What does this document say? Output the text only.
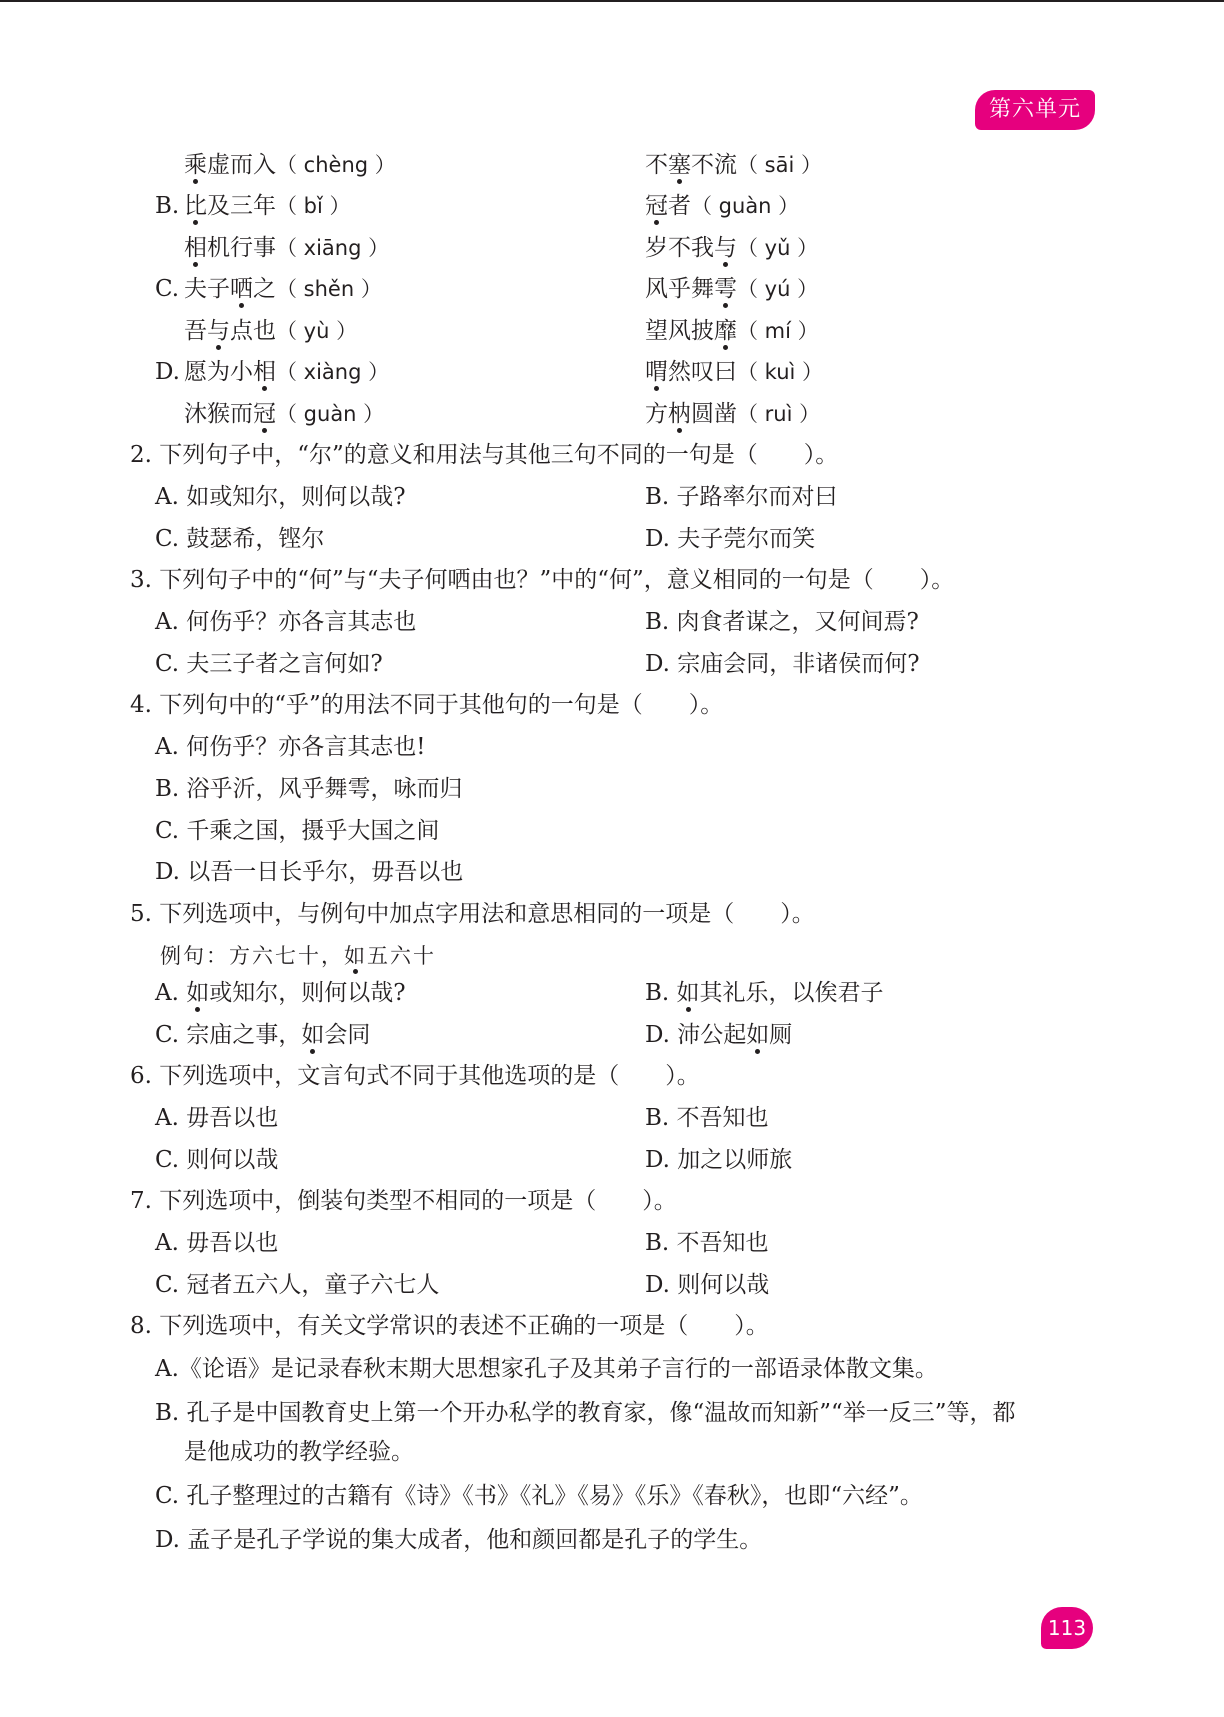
第六单元
乘虚而入（ chèng ）	不塞不流（ sāi ）
B. 比及三年（ bǐ ）	冠者（ guàn ）
相机行事（ xiāng ）	岁不我与（ yǔ ）
C. 夫子哂之（ shěn ）	风乎舞雩（ yú ）
吾与点也（ yù ）	望风披靡（ mí ）
D. 愿为小相（ xiàng ）	喟然叹曰（ kuì ）
沐猴而冠（ guàn ）	方枘圆凿（ ruì ）
2. 下列句子中，“尔”的意义和用法与其他三句不同的一句是（　　）。
A. 如或知尔，则何以哉?	B. 子路率尔而对曰
C. 鼓瑟希，铿尔	D. 夫子莞尔而笑
3. 下列句子中的“何”与“夫子何哂由也？”中的“何”，意义相同的一句是（　　）。
A. 何伤乎？亦各言其志也	B. 肉食者谋之，又何间焉?
C. 夫三子者之言何如?	D. 宗庙会同，非诸侯而何?
4. 下列句中的“乎”的用法不同于其他句的一句是（　　）。
A. 何伤乎？亦各言其志也!
B. 浴乎沂，风乎舞雩，咏而归
C. 千乘之国，摄乎大国之间
D. 以吾一日长乎尔，毋吾以也
5. 下列选项中，与例句中加点字用法和意思相同的一项是（　　）。
例句：方六七十，如五六十
A. 如或知尔，则何以哉?	B. 如其礼乐，以俟君子
C. 宗庙之事，如会同	D. 沛公起如厕
6. 下列选项中，文言句式不同于其他选项的是（　　）。
A. 毋吾以也	B. 不吾知也
C. 则何以哉	D. 加之以师旅
7. 下列选项中，倒装句类型不相同的一项是（　　）。
A. 毋吾以也	B. 不吾知也
C. 冠者五六人，童子六七人	D. 则何以哉
8. 下列选项中，有关文学常识的表述不正确的一项是（　　）。
A.《论语》是记录春秋末期大思想家孔子及其弟子言行的一部语录体散文集。
B. 孔子是中国教育史上第一个开办私学的教育家，像“温故而知新”“举一反三”等，都
是他成功的教学经验。
C. 孔子整理过的古籍有《诗》《书》《礼》《易》《乐》《春秋》，也即“六经”。
D. 孟子是孔子学说的集大成者，他和颜回都是孔子的学生。
113
